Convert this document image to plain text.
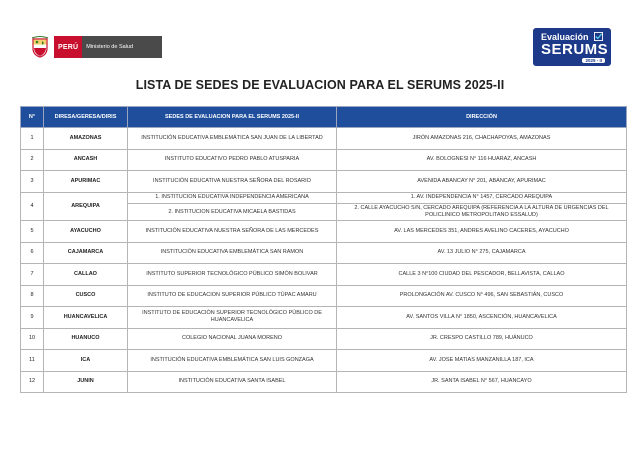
PERÚ	Ministerio de Salud
Evaluación
SERUMS
2025 - II
LISTA DE SEDES DE EVALUACION PARA EL SERUMS 2025-II
N°	DIRESA/GERESA/DIRIS	SEDES DE EVALUACION PARA EL SERUMS 2025-II	DIRECCIÓN
1	AMAZONAS	INSTITUCIÓN EDUCATIVA EMBLEMÁTICA SAN JUAN DE LA LIBERTAD	JIRÓN AMAZONAS 216, CHACHAPOYAS, AMAZONAS
2	ANCASH	INSTITUTO EDUCATIVO PEDRO PABLO ATUSPARIA	AV. BOLOGNESI N° 116 HUARAZ, ANCASH
3	APURIMAC	INSTITUCIÓN EDUCATIVA NUESTRA SEÑORA DEL ROSARIO	AVENIDA ABANCAY N° 201, ABANCAY, APURIMAC
4	AREQUIPA	1. INSTITUCION EDUCATIVA INDEPENDENCIA AMERICANA	1. AV. INDEPENDENCIA N° 1457, CERCADO AREQUIPA
		2. INSTITUCION EDUCATIVA MICAELA BASTIDAS	2. CALLE AYACUCHO S/N, CERCADO AREQUIPA (REFERENCIA A LA ALTURA DE URGENCIAS DEL POLICLINICO METROPOLITANO ESSALUD)
5	AYACUCHO	INSTITUCIÓN EDUCATIVA NUESTRA SEÑORA DE LAS MERCEDES	AV. LAS MERCEDES 351, ANDRES AVELINO CACERES, AYACUCHO
6	CAJAMARCA	INSTITUCIÓN EDUCATIVA EMBLEMÁTICA SAN RAMON	AV. 13 JULIO N° 275, CAJAMARCA
7	CALLAO	INSTITUTO SUPERIOR TECNOLÓGICO PÚBLICO SIMÓN BOLIVAR	CALLE 3 N°100 CIUDAD DEL PESCADOR, BELLAVISTA, CALLAO
8	CUSCO	INSTITUTO DE EDUCACION SUPERIOR PÚBLICO TÚPAC AMARU	PROLONGACIÓN AV. CUSCO N° 496, SAN SEBASTIÁN, CUSCO
9	HUANCAVELICA	INSTITUTO DE EDUCACIÓN SUPERIOR TECNOLÓGICO PÚBLICO DE HUANCAVELICA	AV. SANTOS VILLA N° 1850, ASCENCIÓN, HUANCAVELICA
10	HUANUCO	COLEGIO NACIONAL JUANA MORENO	JR. CRESPO CASTILLO 789, HUÁNUCO
11	ICA	INSTITUCIÓN EDUCATIVA EMBLEMÁTICA SAN LUIS GONZAGA	AV. JOSE MATIAS MANZANILLA 187, ICA
12	JUNIN	INSTITUCIÓN EDUCATIVA SANTA ISABEL	JR. SANTA ISABEL N° 567, HUANCAYO
